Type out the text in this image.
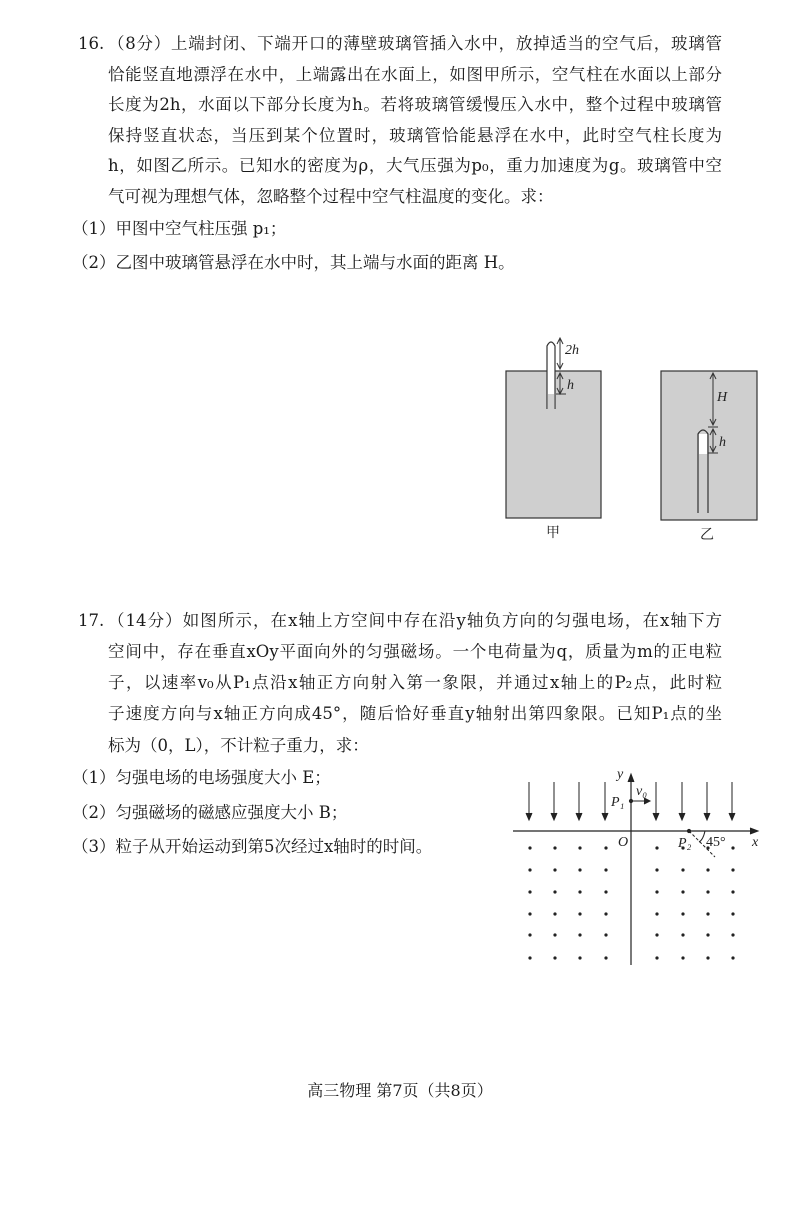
16. （8分）上端封闭、下端开口的薄壁玻璃管插入水中，放掉适当的空气后，玻璃管
恰能竖直地漂浮在水中，上端露出在水面上，如图甲所示，空气柱在水面以上部分
长度为2h，水面以下部分长度为h。若将玻璃管缓慢压入水中，整个过程中玻璃管
保持竖直状态，当压到某个位置时，玻璃管恰能悬浮在水中，此时空气柱长度为
h，如图乙所示。已知水的密度为ρ，大气压强为p₀，重力加速度为g。玻璃管中空
气可视为理想气体，忽略整个过程中空气柱温度的变化。求：
（1）甲图中空气柱压强 p₁；
（2）乙图中玻璃管悬浮在水中时，其上端与水面的距离 H。
2h
h
甲
H
h
乙
y
x
O
P₁
v₀
P₂ 45°
17. （14分）如图所示，在x轴上方空间中存在沿y轴负方向的匀强电场，在x轴下方
空间中，存在垂直xOy平面向外的匀强磁场。一个电荷量为q，质量为m的正电粒
子，以速率v₀从P₁点沿x轴正方向射入第一象限，并通过x轴上的P₂点，此时粒
子速度方向与x轴正方向成45°，随后恰好垂直y轴射出第四象限。已知P₁点的坐
标为（0，L），不计粒子重力，求：
（1）匀强电场的电场强度大小 E；
（2）匀强磁场的磁感应强度大小 B；
（3）粒子从开始运动到第5次经过x轴时的时间。
高三物理 第7页（共8页）
